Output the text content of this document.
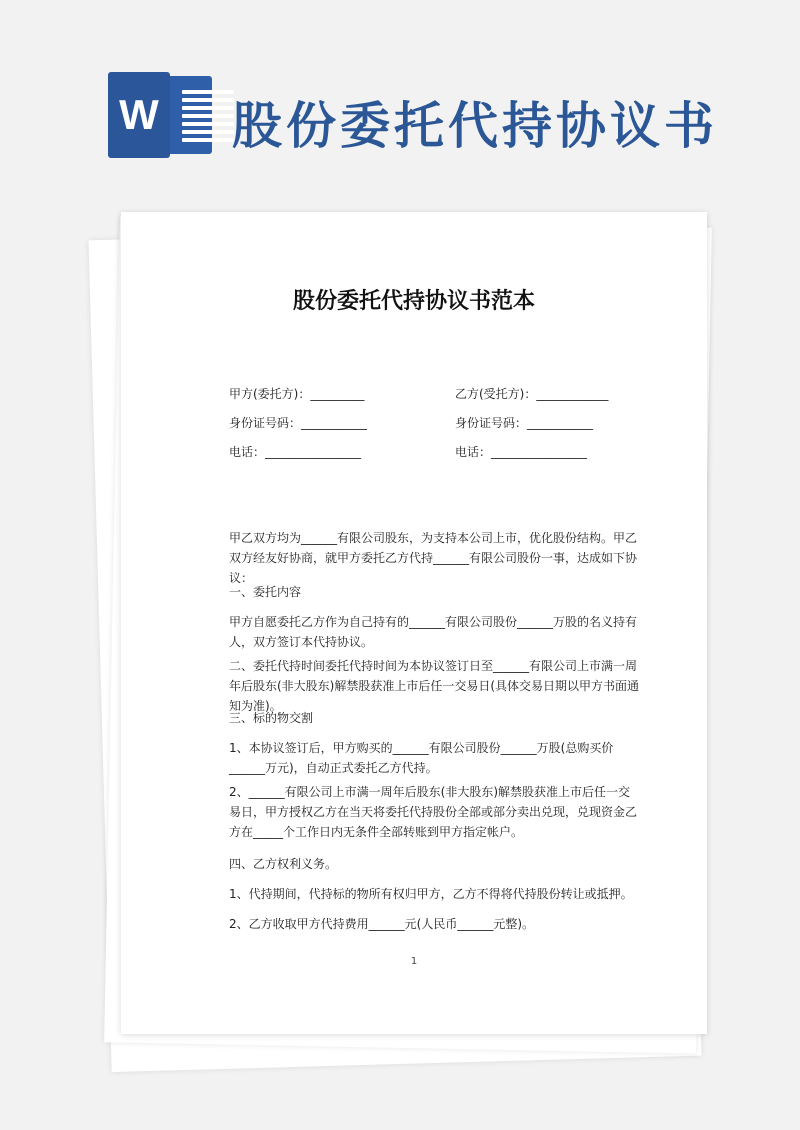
W 股份委托代持协议书
股份委托代持协议书范本
甲方(委托方)：_________	乙方(受托方)：____________
身份证号码：___________	身份证号码：___________
电话：________________	电话：________________

甲乙双方均为______有限公司股东，为支持本公司上市，优化股份结构。甲乙双方经友好协商，就甲方委托乙方代持______有限公司股份一事，达成如下协议：

一、委托内容

甲方自愿委托乙方作为自己持有的______有限公司股份______万股的名义持有人，双方签订本代持协议。

二、委托代持时间委托代持时间为本协议签订日至______有限公司上市满一周年后股东(非大股东)解禁股获准上市后任一交易日(具体交易日期以甲方书面通知为准)。

三、标的物交割

1、本协议签订后，甲方购买的______有限公司股份______万股(总购买价______万元)，自动正式委托乙方代持。

2、______有限公司上市满一周年后股东(非大股东)解禁股获准上市后任一交易日，甲方授权乙方在当天将委托代持股份全部或部分卖出兑现，兑现资金乙方在_____个工作日内无条件全部转账到甲方指定帐户。

四、乙方权利义务。

1、代持期间，代持标的物所有权归甲方，乙方不得将代持股份转让或抵押。

2、乙方收取甲方代持费用______元(人民币______元整)。

1
